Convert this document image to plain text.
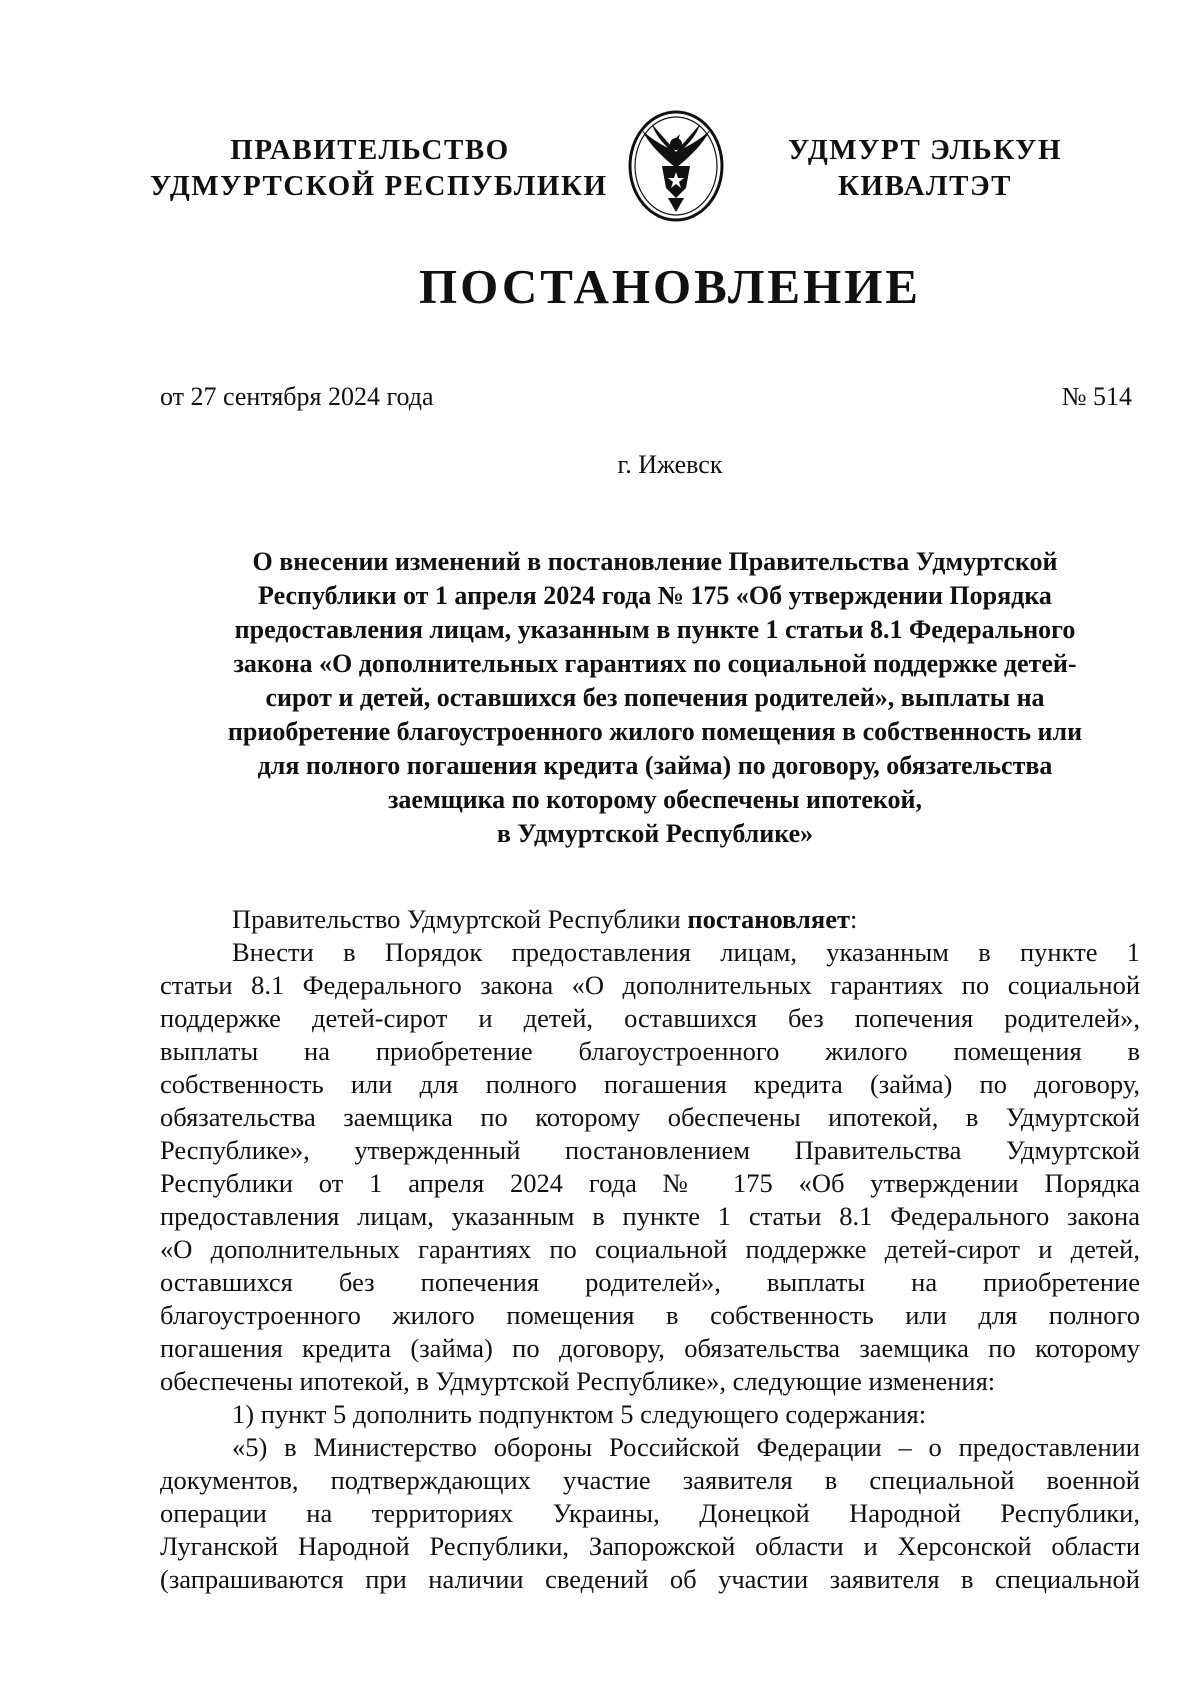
ПРАВИТЕЛЬСТВО
УДМУРТСКОЙ РЕСПУБЛИКИ
УДМУРТ ЭЛЬКУН
КИВАЛТЭТ
ПОСТАНОВЛЕНИЕ
от 27 сентября 2024 года	№ 514
г. Ижевск
О внесении изменений в постановление Правительства Удмуртской
Республики от 1 апреля 2024 года № 175 «Об утверждении Порядка
предоставления лицам, указанным в пункте 1 статьи 8.1 Федерального
закона «О дополнительных гарантиях по социальной поддержке детей-
сирот и детей, оставшихся без попечения родителей», выплаты на
приобретение благоустроенного жилого помещения в собственность или
для полного погашения кредита (займа) по договору, обязательства
заемщика по которому обеспечены ипотекой,
в Удмуртской Республике»
Правительство Удмуртской Республики постановляет:
Внести в Порядок предоставления лицам, указанным в пункте 1
статьи 8.1 Федерального закона «О дополнительных гарантиях по социальной
поддержке детей-сирот и детей, оставшихся без попечения родителей»,
выплаты на приобретение благоустроенного жилого помещения в
собственность или для полного погашения кредита (займа) по договору,
обязательства заемщика по которому обеспечены ипотекой, в Удмуртской
Республике», утвержденный постановлением Правительства Удмуртской
Республики от 1 апреля 2024 года № 175 «Об утверждении Порядка
предоставления лицам, указанным в пункте 1 статьи 8.1 Федерального закона
«О дополнительных гарантиях по социальной поддержке детей-сирот и детей,
оставшихся без попечения родителей», выплаты на приобретение
благоустроенного жилого помещения в собственность или для полного
погашения кредита (займа) по договору, обязательства заемщика по которому
обеспечены ипотекой, в Удмуртской Республике», следующие изменения:
1) пункт 5 дополнить подпунктом 5 следующего содержания:
«5) в Министерство обороны Российской Федерации – о предоставлении
документов, подтверждающих участие заявителя в специальной военной
операции на территориях Украины, Донецкой Народной Республики,
Луганской Народной Республики, Запорожской области и Херсонской области
(запрашиваются при наличии сведений об участии заявителя в специальной
